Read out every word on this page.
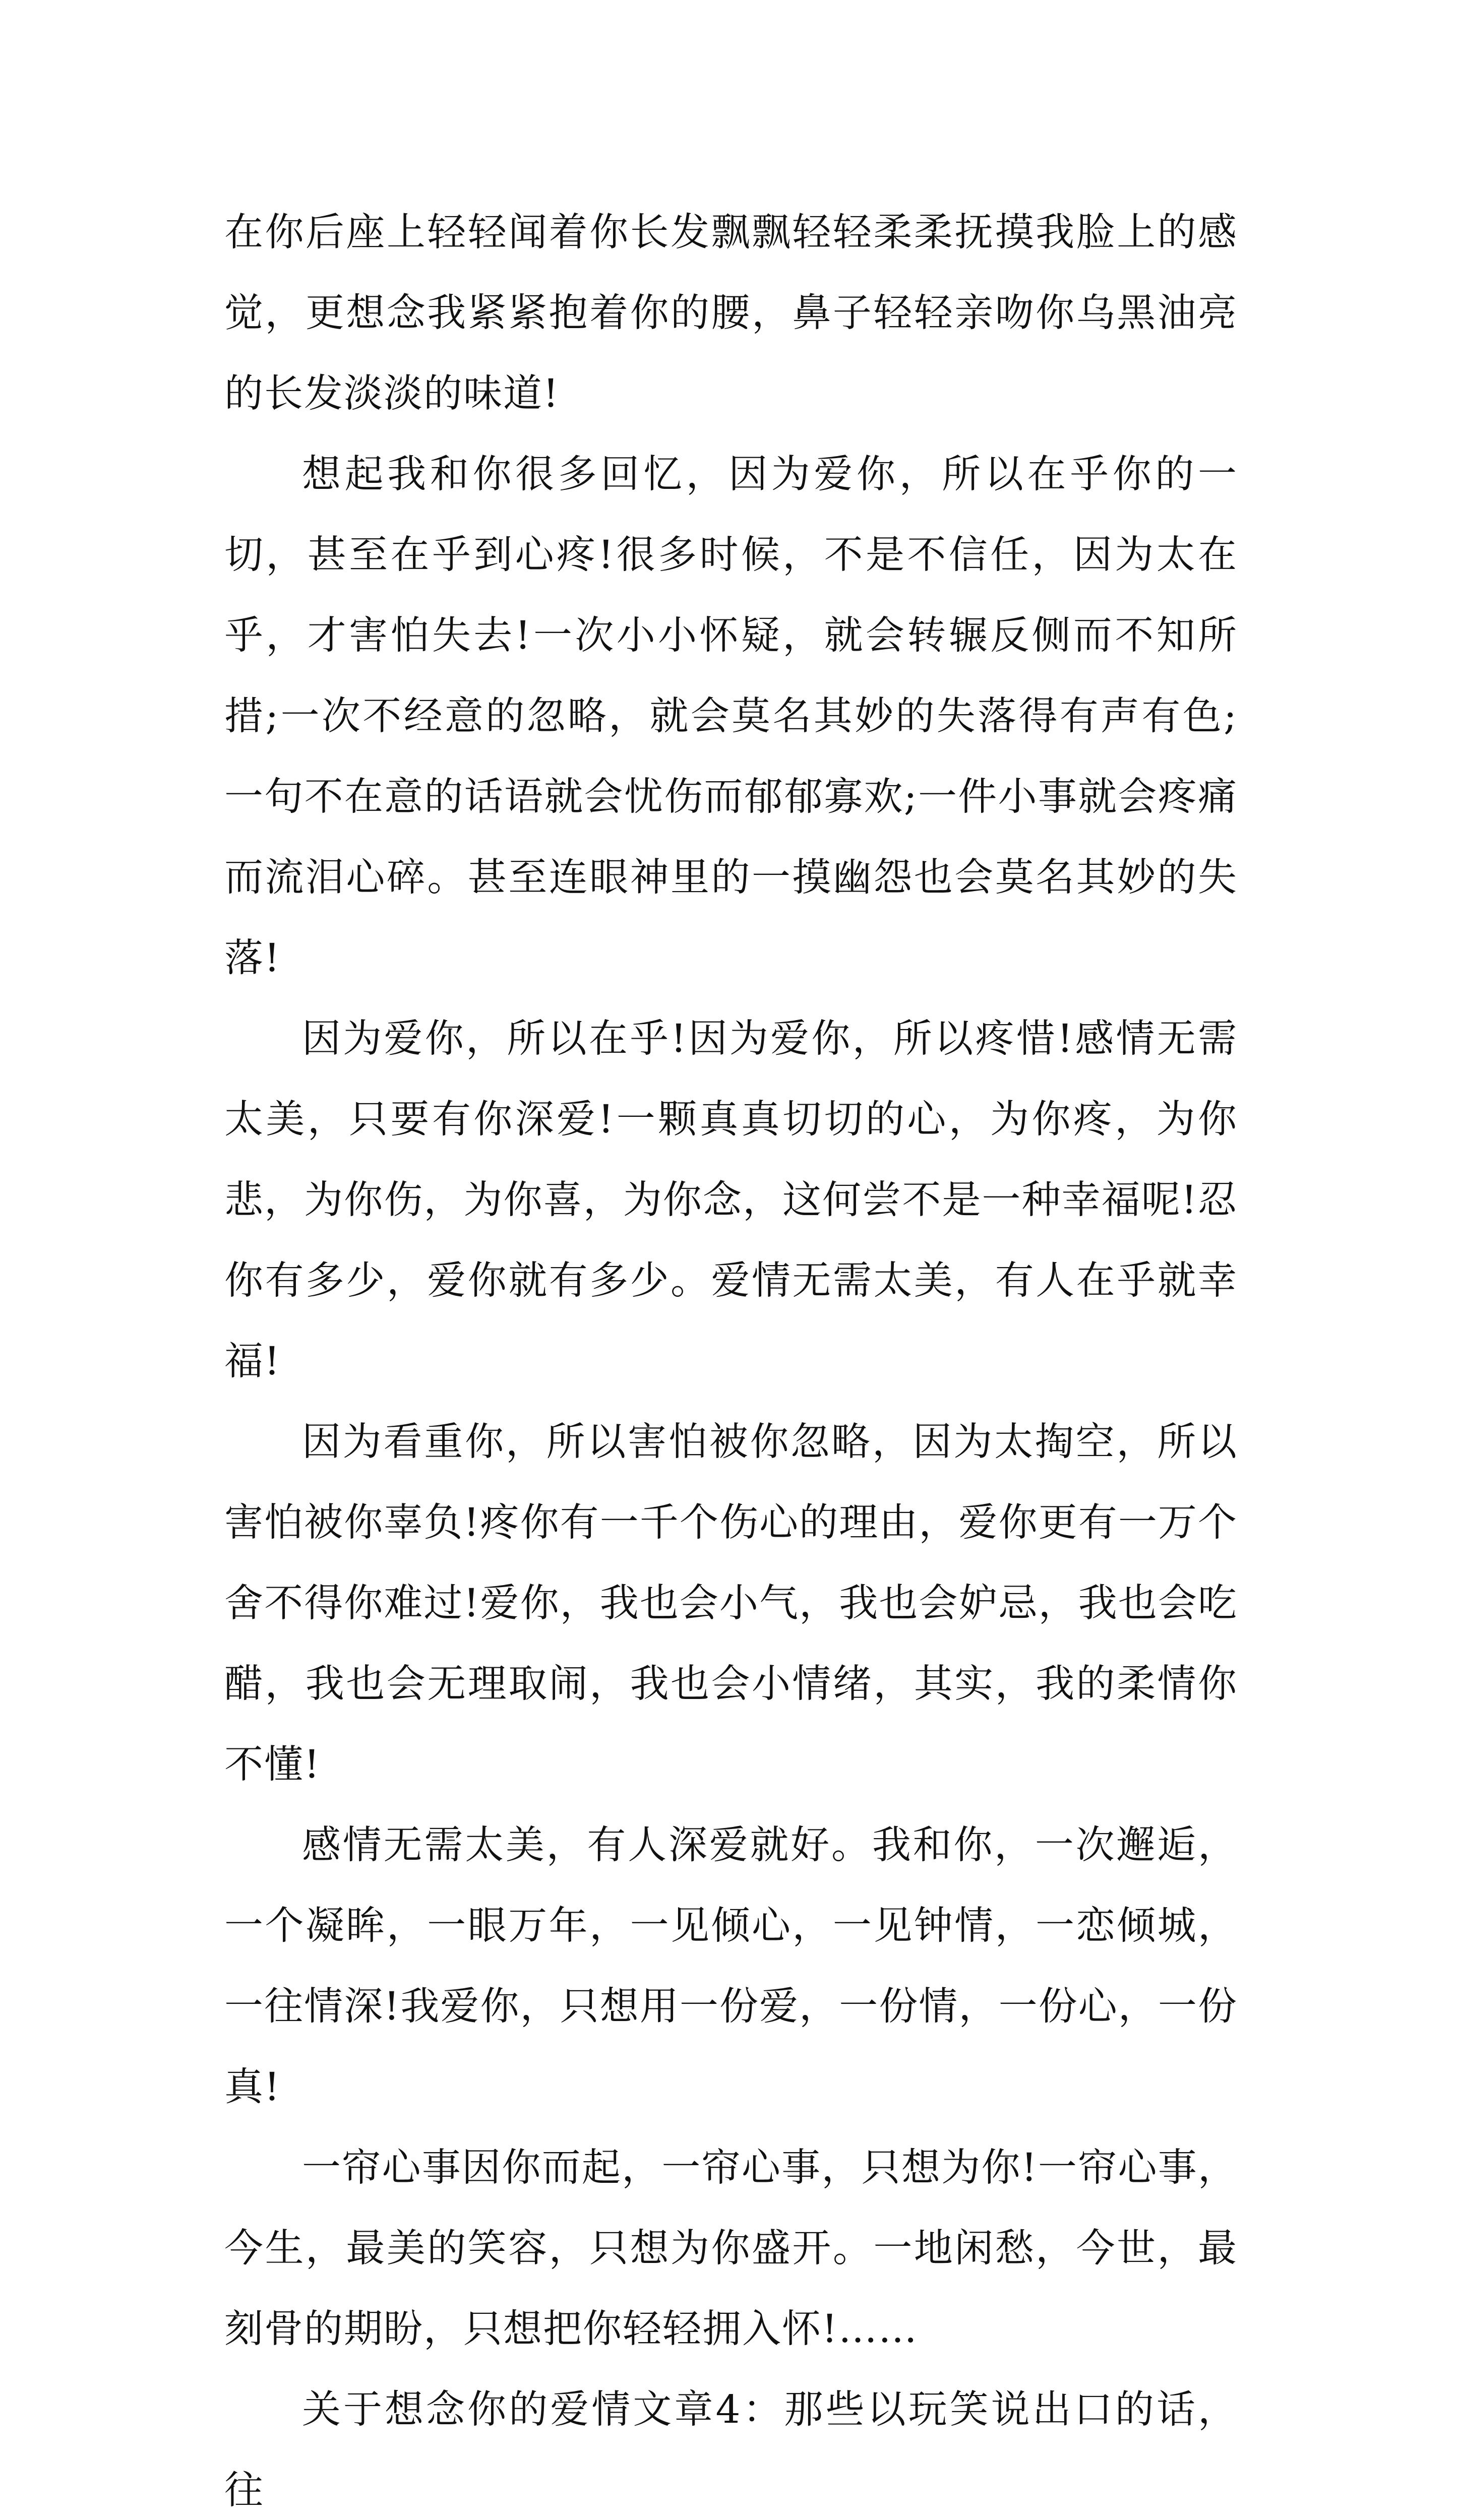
在你后座上轻轻闻着你长发飘飘轻轻柔柔抚摸我脸上的感觉，更想念我紧紧抱着你的腰，鼻子轻轻亲吻你乌黑油亮的长发淡淡的味道!

想起我和你很多回忆，因为爱你，所以在乎你的一切，甚至在乎到心疼!很多时候，不是不信任，因为太在乎，才害怕失去!一次小小怀疑，就会转辗反侧而不知所措;一次不经意的忽略，就会莫名其妙的失落得有声有色;一句不在意的话语就会忧伤而郁郁寡欢;一件小事就会疼痛而流泪心碎。甚至连眼神里的一摸幽怨也会莫名其妙的失落!

因为爱你，所以在乎!因为爱你，所以疼惜!感情无需太美，只要有你深爱!一颗真真切切的心，为你疼，为你悲，为你伤，为你喜，为你念，这何尝不是一种幸福呢!忍你有多少，爱你就有多少。爱情无需太美，有人在乎就幸福!

因为看重你，所以害怕被你忽略，因为太掏空，所以害怕被你辜负!疼你有一千个伤心的理由，爱你更有一万个舍不得你难过!爱你，我也会小气，我也会妒忌，我也会吃醋，我也会无理取闹，我也会小情绪，其实，我的柔情你不懂!

感情无需太美，有人深爱就好。我和你，一次邂逅，一个凝眸，一眼万年，一见倾心，一见钟情，一恋倾城，一往情深!我爱你，只想用一份爱，一份情，一份心，一份真!

一帘心事因你而起，一帘心事，只想为你!一帘心事，今生，最美的笑容，只想为你盛开。一地闲愁，今世，最刻骨的期盼，只想把你轻轻拥入怀!……

关于想念你的爱情文章4：那些以玩笑说出口的话，往
